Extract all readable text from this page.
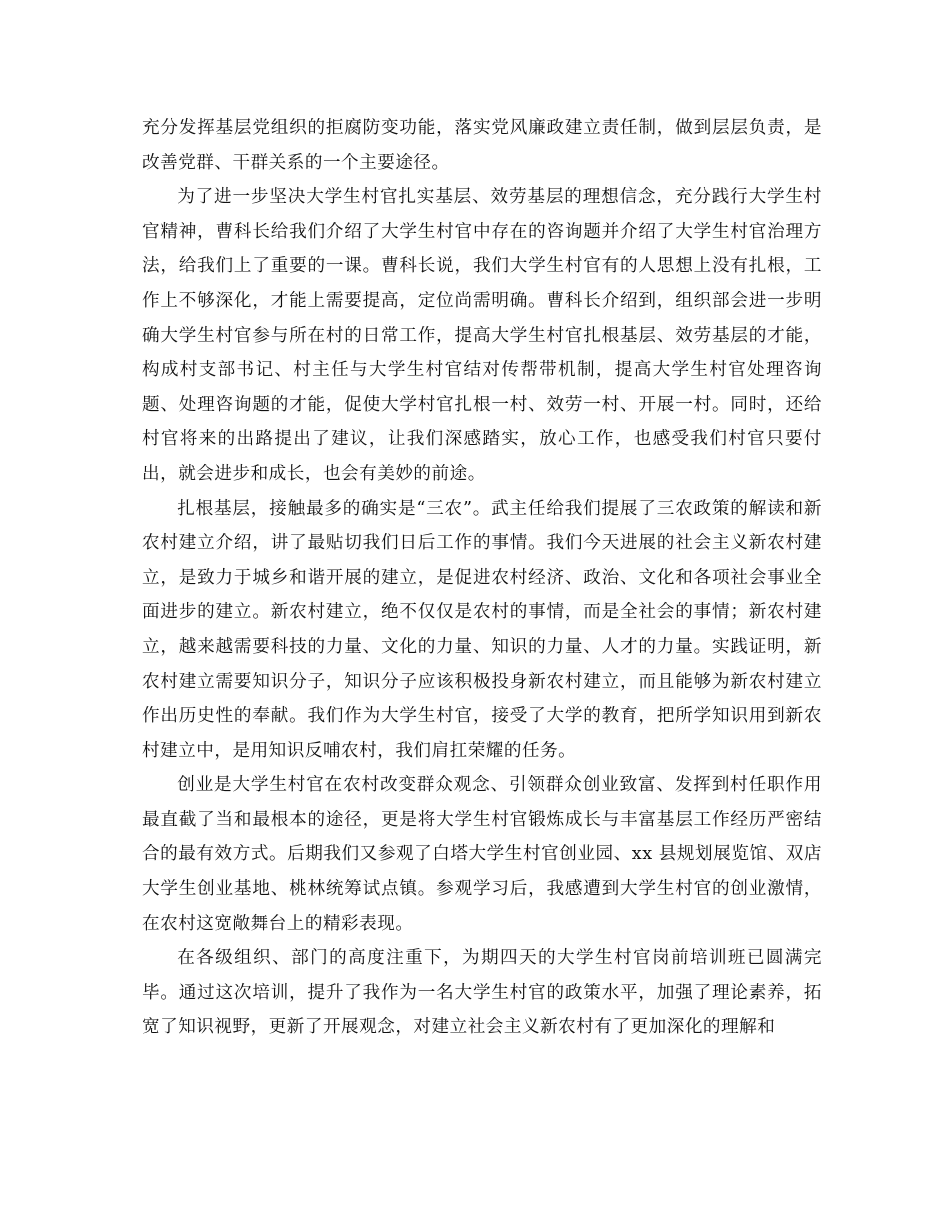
充分发挥基层党组织的拒腐防变功能，落实党风廉政建立责任制，做到层层负责，是改善党群、干群关系的一个主要途径。

为了进一步坚决大学生村官扎实基层、效劳基层的理想信念，充分践行大学生村官精神，曹科长给我们介绍了大学生村官中存在的咨询题并介绍了大学生村官治理方法，给我们上了重要的一课。曹科长说，我们大学生村官有的人思想上没有扎根，工作上不够深化，才能上需要提高，定位尚需明确。曹科长介绍到，组织部会进一步明确大学生村官参与所在村的日常工作，提高大学生村官扎根基层、效劳基层的才能，构成村支部书记、村主任与大学生村官结对传帮带机制，提高大学生村官处理咨询题、处理咨询题的才能，促使大学村官扎根一村、效劳一村、开展一村。同时，还给村官将来的出路提出了建议，让我们深感踏实，放心工作，也感受我们村官只要付出，就会进步和成长，也会有美妙的前途。

扎根基层，接触最多的确实是“三农”。武主任给我们提展了三农政策的解读和新农村建立介绍，讲了最贴切我们日后工作的事情。我们今天进展的社会主义新农村建立，是致力于城乡和谐开展的建立，是促进农村经济、政治、文化和各项社会事业全面进步的建立。新农村建立，绝不仅仅是农村的事情，而是全社会的事情；新农村建立，越来越需要科技的力量、文化的力量、知识的力量、人才的力量。实践证明，新农村建立需要知识分子，知识分子应该积极投身新农村建立，而且能够为新农村建立作出历史性的奉献。我们作为大学生村官，接受了大学的教育，把所学知识用到新农村建立中，是用知识反哺农村，我们肩扛荣耀的任务。

创业是大学生村官在农村改变群众观念、引领群众创业致富、发挥到村任职作用最直截了当和最根本的途径，更是将大学生村官锻炼成长与丰富基层工作经历严密结合的最有效方式。后期我们又参观了白塔大学生村官创业园、xx 县规划展览馆、双店大学生创业基地、桃林统筹试点镇。参观学习后，我感遭到大学生村官的创业激情，在农村这宽敞舞台上的精彩表现。

在各级组织、部门的高度注重下，为期四天的大学生村官岗前培训班已圆满完毕。通过这次培训，提升了我作为一名大学生村官的政策水平，加强了理论素养，拓宽了知识视野，更新了开展观念，对建立社会主义新农村有了更加深化的理解和
